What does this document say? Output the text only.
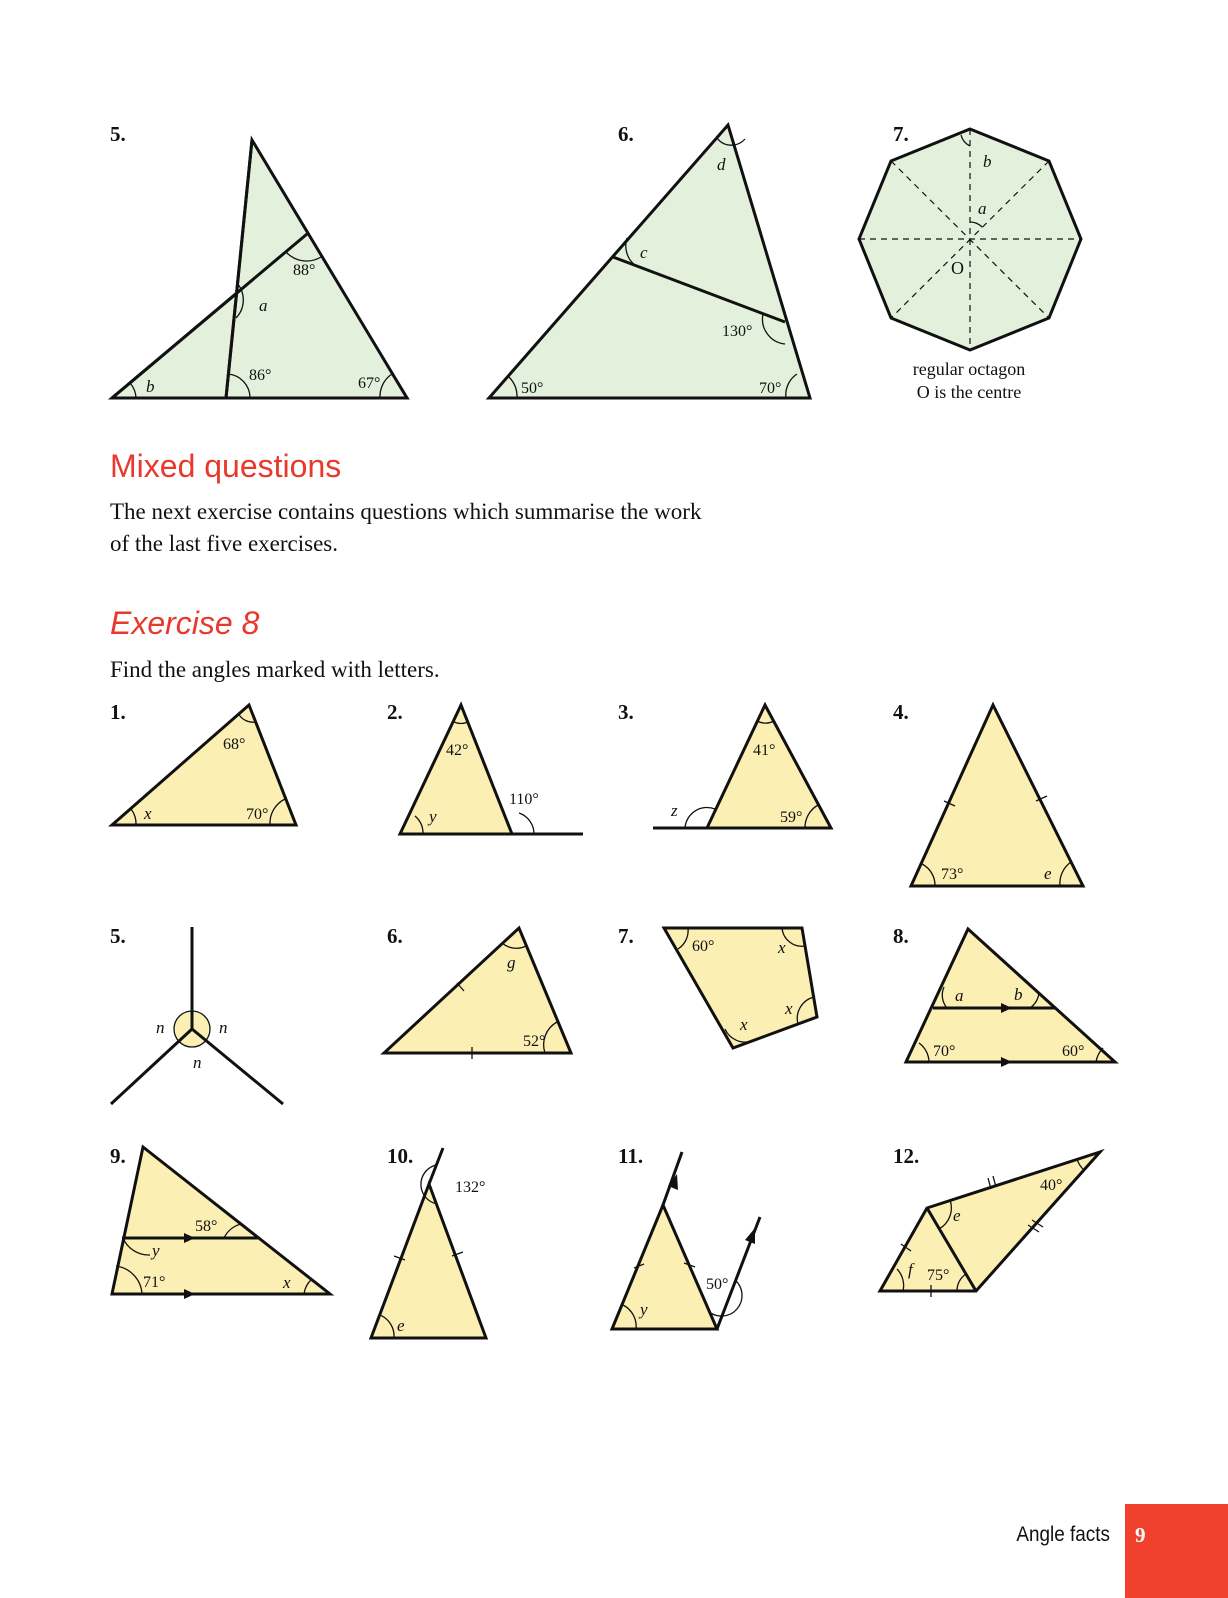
5.
88°
a
86°	67°
b
6.
d
c
130°
50°	70°
7.
b
a
O
regular octagon
O is the centre
1.
68°
70°
x
2.
42°
110°
y
3.
41°
59°
z
4.
73°	e
5.
n	n
n
6.
g
52°
7.	60°	x
x
x
8.
a	b
70°	60°
9.
58°
y
71°	x
10.
132°
e
11.
50°
y
12.
40°
e
f 75°
Mixed questions

The next exercise contains questions which summarise the work
of the last five exercises.

Exercise 8

Find the angles marked with letters.

Angle facts 9
